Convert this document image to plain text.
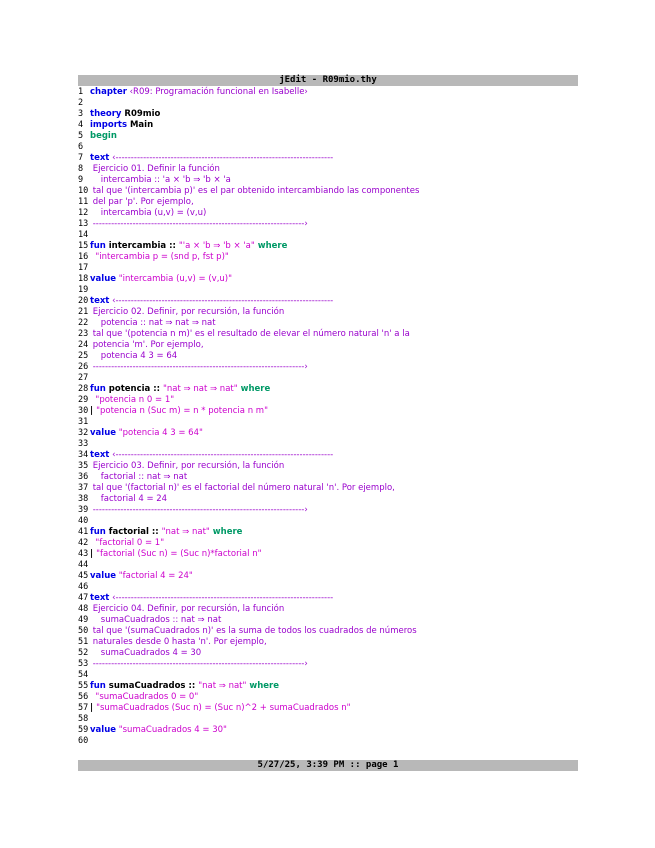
jEdit - R09mio.thy
1 chapter ‹R09: Programación funcional en Isabelle›
2
3 theory R09mio
4 imports Main
5 begin
6
7 text ‹-----------------------------------------------------------------------
8 Ejercicio 01. Definir la función
9 intercambia :: 'a × 'b ⇒ 'b × 'a
10 tal que '(intercambia p)' es el par obtenido intercambiando las componentes
11 del par 'p'. Por ejemplo,
12 intercambia (u,v) = (v,u)
13 ---------------------------------------------------------------------›
14
15 fun intercambia :: "'a × 'b ⇒ 'b × 'a" where
16 "intercambia p = (snd p, fst p)"
17
18 value "intercambia (u,v) = (v,u)"
19
20 text ‹-----------------------------------------------------------------------
21 Ejercicio 02. Definir, por recursión, la función
22 potencia :: nat ⇒ nat ⇒ nat
23 tal que '(potencia n m)' es el resultado de elevar el número natural 'n' a la
24 potencia 'm'. Por ejemplo,
25 potencia 4 3 = 64
26 ---------------------------------------------------------------------›
27
28 fun potencia :: "nat ⇒ nat ⇒ nat" where
29 "potencia n 0 = 1"
30 | "potencia n (Suc m) = n * potencia n m"
31
32 value "potencia 4 3 = 64"
33
34 text ‹-----------------------------------------------------------------------
35 Ejercicio 03. Definir, por recursión, la función
36 factorial :: nat ⇒ nat
37 tal que '(factorial n)' es el factorial del número natural 'n'. Por ejemplo,
38 factorial 4 = 24
39 ---------------------------------------------------------------------›
40
41 fun factorial :: "nat ⇒ nat" where
42 "factorial 0 = 1"
43 | "factorial (Suc n) = (Suc n)*factorial n"
44
45 value "factorial 4 = 24"
46
47 text ‹-----------------------------------------------------------------------
48 Ejercicio 04. Definir, por recursión, la función
49 sumaCuadrados :: nat ⇒ nat
50 tal que '(sumaCuadrados n)' es la suma de todos los cuadrados de números
51 naturales desde 0 hasta 'n'. Por ejemplo,
52 sumaCuadrados 4 = 30
53 ---------------------------------------------------------------------›
54
55 fun sumaCuadrados :: "nat ⇒ nat" where
56 "sumaCuadrados 0 = 0"
57 | "sumaCuadrados (Suc n) = (Suc n)^2 + sumaCuadrados n"
58
59 value "sumaCuadrados 4 = 30"
60
5/27/25, 3:39 PM :: page 1
